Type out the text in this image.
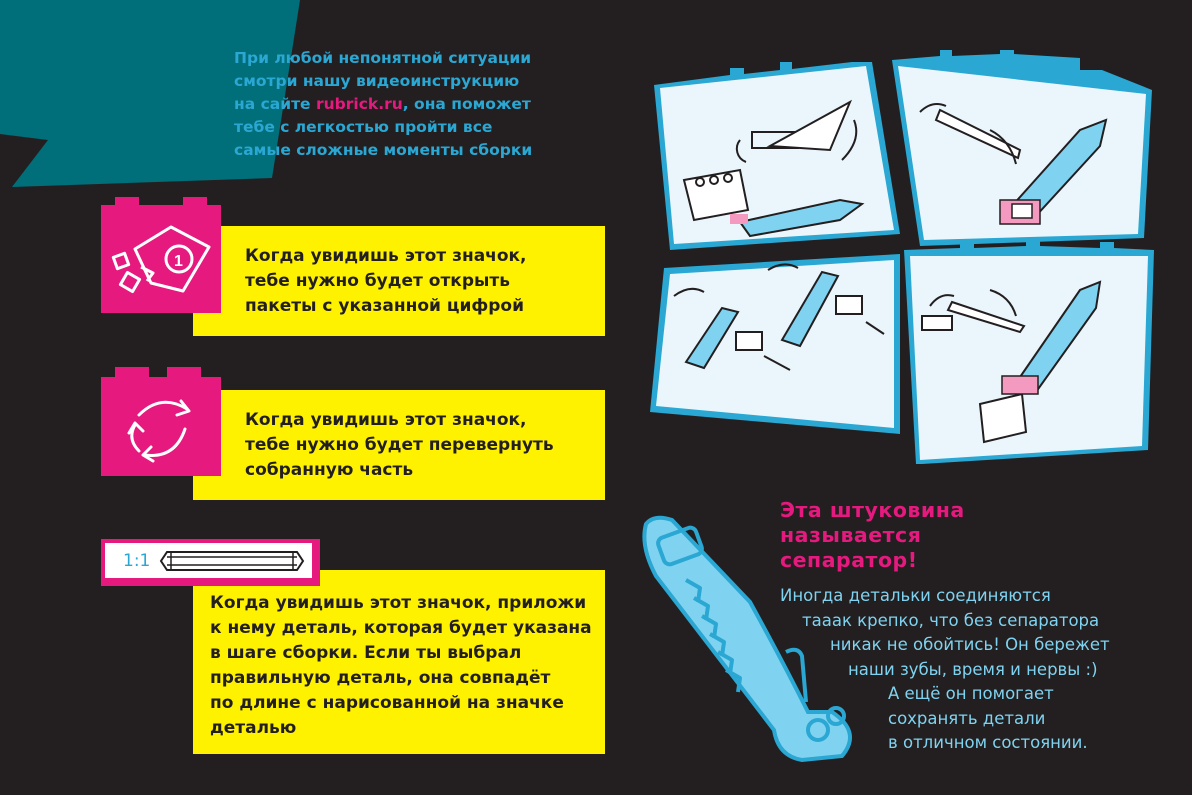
При любой непонятной ситуации
смотри нашу видеоинструкцию
на сайте rubrick.ru, она поможет
тебе с легкостью пройти все
самые сложные моменты сборки
Когда увидишь этот значок,
тебе нужно будет открыть
пакеты с указанной цифрой
1
Когда увидишь этот значок,
тебе нужно будет перевернуть
собранную часть
Когда увидишь этот значок, приложи
к нему деталь, которая будет указана
в шаге сборки. Если ты выбрал
правильную деталь, она совпадёт
по длине с нарисованной на значке
деталью
1:1
Эта штуковина
называется
сепаратор!
Иногда детальки соединяются
тааак крепко, что без сепаратора
никак не обойтись! Он бережет
наши зубы, время и нервы :)
А ещё он помогает
сохранять детали
в отличном состоянии.
